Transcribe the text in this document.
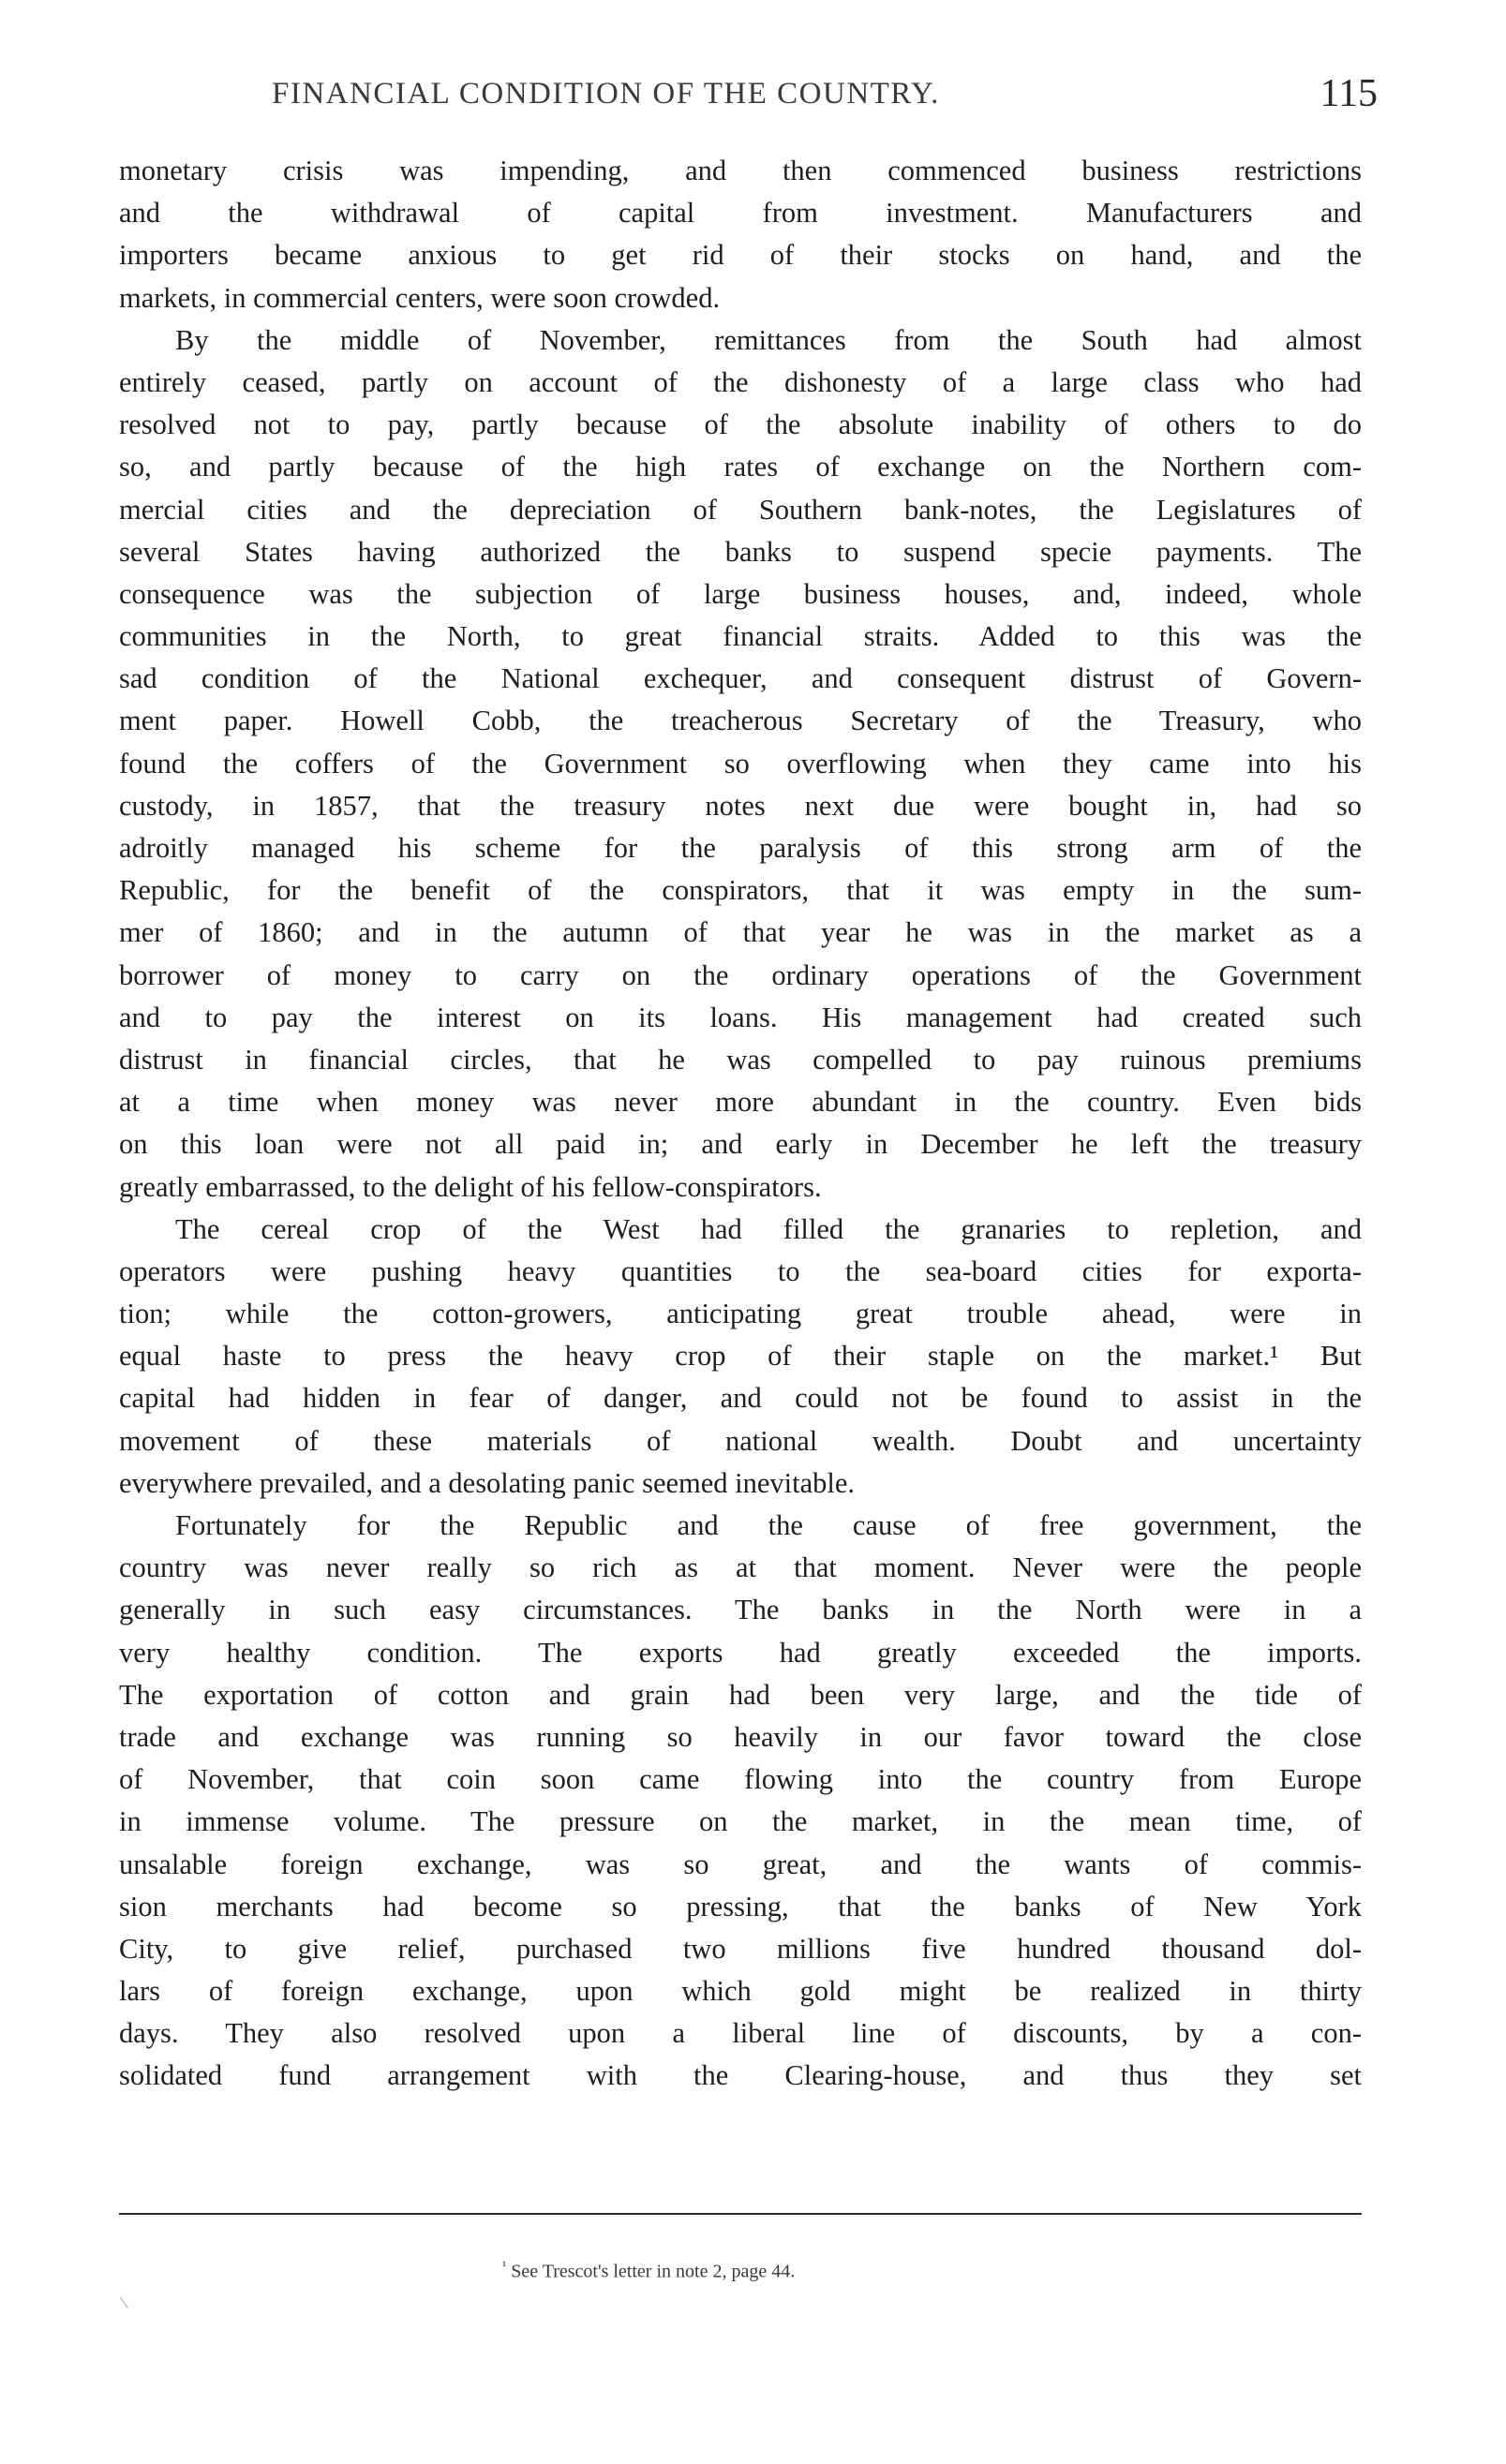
FINANCIAL CONDITION OF THE COUNTRY.	115
monetary crisis was impending, and then commenced business restrictions
and the withdrawal of capital from investment. Manufacturers and
importers became anxious to get rid of their stocks on hand, and the
markets, in commercial centers, were soon crowded.
By the middle of November, remittances from the South had almost
entirely ceased, partly on account of the dishonesty of a large class who had
resolved not to pay, partly because of the absolute inability of others to do
so, and partly because of the high rates of exchange on the Northern com-
mercial cities and the depreciation of Southern bank-notes, the Legislatures of
several States having authorized the banks to suspend specie payments. The
consequence was the subjection of large business houses, and, indeed, whole
communities in the North, to great financial straits. Added to this was the
sad condition of the National exchequer, and consequent distrust of Govern-
ment paper. Howell Cobb, the treacherous Secretary of the Treasury, who
found the coffers of the Government so overflowing when they came into his
custody, in 1857, that the treasury notes next due were bought in, had so
adroitly managed his scheme for the paralysis of this strong arm of the
Republic, for the benefit of the conspirators, that it was empty in the sum-
mer of 1860; and in the autumn of that year he was in the market as a
borrower of money to carry on the ordinary operations of the Government
and to pay the interest on its loans. His management had created such
distrust in financial circles, that he was compelled to pay ruinous premiums
at a time when money was never more abundant in the country. Even bids
on this loan were not all paid in; and early in December he left the treasury
greatly embarrassed, to the delight of his fellow-conspirators.
The cereal crop of the West had filled the granaries to repletion, and
operators were pushing heavy quantities to the sea-board cities for exporta-
tion; while the cotton-growers, anticipating great trouble ahead, were in
equal haste to press the heavy crop of their staple on the market.¹ But
capital had hidden in fear of danger, and could not be found to assist in the
movement of these materials of national wealth. Doubt and uncertainty
everywhere prevailed, and a desolating panic seemed inevitable.
Fortunately for the Republic and the cause of free government, the
country was never really so rich as at that moment. Never were the people
generally in such easy circumstances. The banks in the North were in a
very healthy condition. The exports had greatly exceeded the imports.
The exportation of cotton and grain had been very large, and the tide of
trade and exchange was running so heavily in our favor toward the close
of November, that coin soon came flowing into the country from Europe
in immense volume. The pressure on the market, in the mean time, of
unsalable foreign exchange, was so great, and the wants of commis-
sion merchants had become so pressing, that the banks of New York
City, to give relief, purchased two millions five hundred thousand dol-
lars of foreign exchange, upon which gold might be realized in thirty
days. They also resolved upon a liberal line of discounts, by a con-
solidated fund arrangement with the Clearing-house, and thus they set
$^{^1}$ See Trescot's letter in note 2, page 44.
